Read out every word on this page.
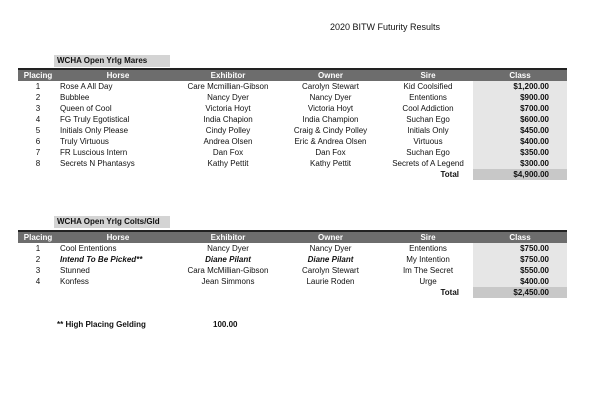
2020 BITW Futurity Results
WCHA Open Yrlg Mares
Placing	Horse	Exhibitor	Owner	Sire	Class
1	Rose A All Day	Care Mcmillian-Gibson	Carolyn Stewart	Kid Coolsified	$1,200.00
2	Bubblee	Nancy Dyer	Nancy Dyer	Ententions	$900.00
3	Queen of Cool	Victoria Hoyt	Victoria Hoyt	Cool Addiction	$700.00
4	FG Truly Egotistical	India Chapion	India Champion	Suchan Ego	$600.00
5	Initials Only Please	Cindy Polley	Craig & Cindy Polley	Initials Only	$450.00
6	Truly Virtuous	Andrea Olsen	Eric & Andrea Olsen	Virtuous	$400.00
7	FR Luscious Intern	Dan Fox	Dan Fox	Suchan Ego	$350.00
8	Secrets N Phantasys	Kathy Pettit	Kathy Pettit	Secrets of A Legend	$300.00
				Total	$4,900.00
WCHA Open Yrlg Colts/Gld
Placing	Horse	Exhibitor	Owner	Sire	Class
1	Cool Ententions	Nancy Dyer	Nancy Dyer	Ententions	$750.00
2	Intend To Be Picked**	Diane Pilant	Diane Pilant	My Intention	$750.00
3	Stunned	Cara McMillian-Gibson	Carolyn Stewart	Im The Secret	$550.00
4	Konfess	Jean Simmons	Laurie Roden	Urge	$400.00
				Total	$2,450.00
** High Placing Gelding	100.00
